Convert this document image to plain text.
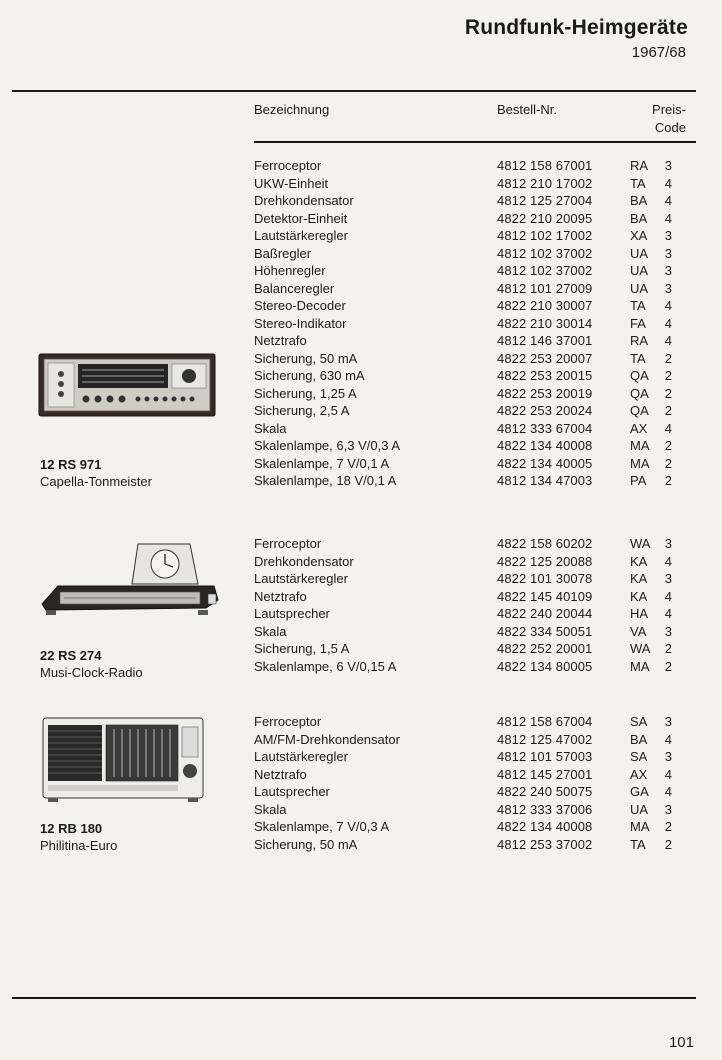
Rundfunk-Heimgeräte

1967/68

Bezeichnung	Bestell-Nr.	Preis-
Code
Ferroceptor	4812 158 67001	RA	3
UKW-Einheit	4812 210 17002	TA	4
Drehkondensator	4812 125 27004	BA	4
Detektor-Einheit	4822 210 20095	BA	4
Lautstärkeregler	4812 102 17002	XA	3
Baßregler	4812 102 37002	UA	3
Höhenregler	4812 102 37002	UA	3
Balanceregler	4812 101 27009	UA	3
Stereo-Decoder	4822 210 30007	TA	4
Stereo-Indikator	4822 210 30014	FA	4
Netztrafo	4812 146 37001	RA	4
Sicherung, 50 mA	4822 253 20007	TA	2
Sicherung, 630 mA	4822 253 20015	QA	2
Sicherung, 1,25 A	4822 253 20019	QA	2
Sicherung, 2,5 A	4822 253 20024	QA	2
Skala	4812 333 67004	AX	4
Skalenlampe, 6,3 V/0,3 A	4822 134 40008	MA	2
Skalenlampe, 7 V/0,1 A	4822 134 40005	MA	2
Skalenlampe, 18 V/0,1 A	4812 134 47003	PA	2
12 RS 971
Capella-Tonmeister
Ferroceptor	4822 158 60202	WA	3
Drehkondensator	4822 125 20088	KA	4
Lautstärkeregler	4822 101 30078	KA	3
Netztrafo	4822 145 40109	KA	4
Lautsprecher	4822 240 20044	HA	4
Skala	4822 334 50051	VA	3
Sicherung, 1,5 A	4822 252 20001	WA	2
Skalenlampe, 6 V/0,15 A	4822 134 80005	MA	2
22 RS 274
Musi-Clock-Radio
Ferroceptor	4812 158 67004	SA	3
AM/FM-Drehkondensator	4812 125 47002	BA	4
Lautstärkeregler	4812 101 57003	SA	3
Netztrafo	4812 145 27001	AX	4
Lautsprecher	4822 240 50075	GA	4
Skala	4812 333 37006	UA	3
Skalenlampe, 7 V/0,3 A	4822 134 40008	MA	2
Sicherung, 50 mA	4812 253 37002	TA	2
12 RB 180
Philitina-Euro
101
